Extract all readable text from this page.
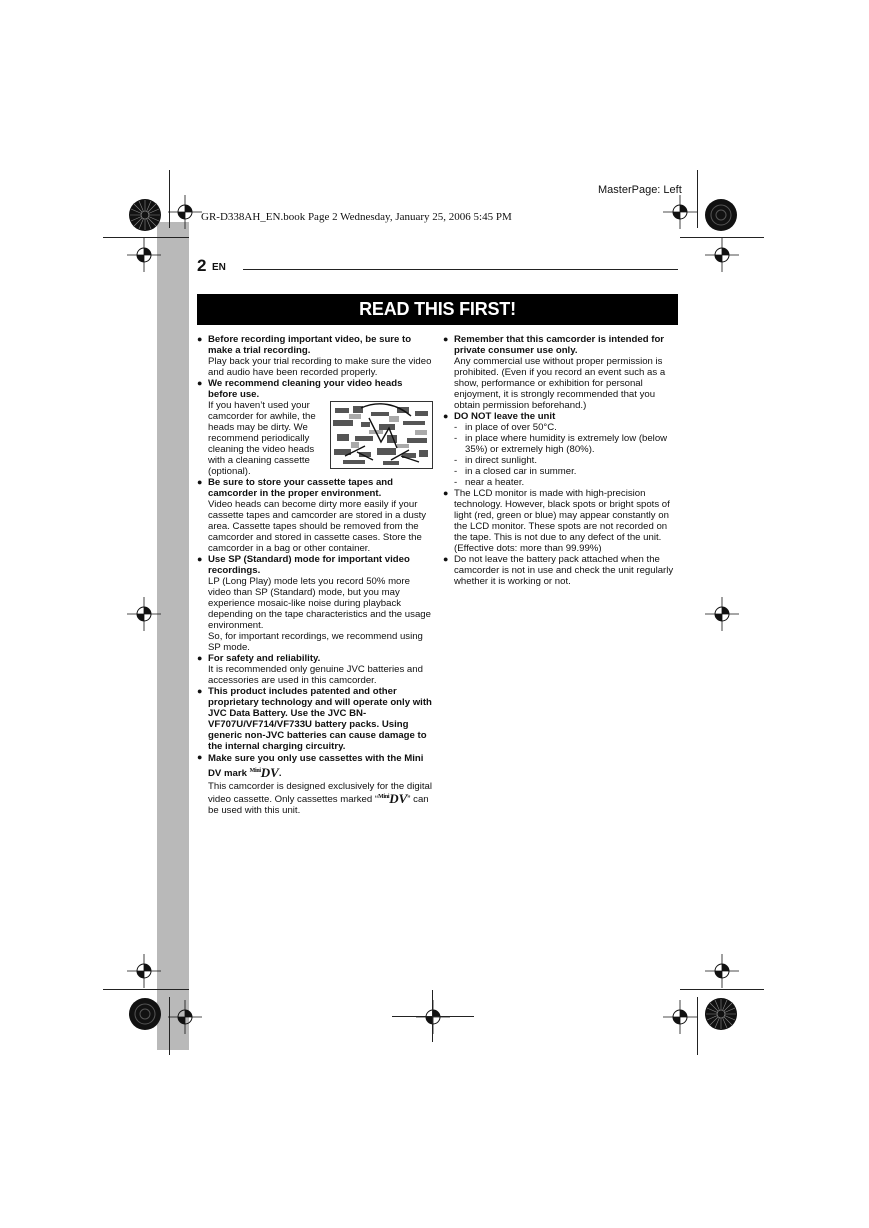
MasterPage: Left
GR-D338AH_EN.book Page 2 Wednesday, January 25, 2006 5:45 PM
2 EN
READ THIS FIRST!
● Before recording important video, be sure to make a trial recording.
Play back your trial recording to make sure the video and audio have been recorded properly.
● We recommend cleaning your video heads before use.
If you haven’t used your camcorder for awhile, the heads may be dirty. We recommend periodically cleaning the video heads with a cleaning cassette (optional).
● Be sure to store your cassette tapes and camcorder in the proper environment.
Video heads can become dirty more easily if your cassette tapes and camcorder are stored in a dusty area. Cassette tapes should be removed from the camcorder and stored in cassette cases. Store the camcorder in a bag or other container.
● Use SP (Standard) mode for important video recordings.
LP (Long Play) mode lets you record 50% more video than SP (Standard) mode, but you may experience mosaic-like noise during playback depending on the tape characteristics and the usage environment.
So, for important recordings, we recommend using SP mode.
● For safety and reliability.
It is recommended only genuine JVC batteries and accessories are used in this camcorder.
● This product includes patented and other proprietary technology and will operate only with JVC Data Battery. Use the JVC BN-VF707U/VF714/VF733U battery packs. Using generic non-JVC batteries can cause damage to the internal charging circuitry.
● Make sure you only use cassettes with the Mini DV mark $^{Mini}$DV.
This camcorder is designed exclusively for the digital video cassette. Only cassettes marked “$^{Mini}$DV” can be used with this unit.
● Remember that this camcorder is intended for private consumer use only.
Any commercial use without proper permission is prohibited. (Even if you record an event such as a show, performance or exhibition for personal enjoyment, it is strongly recommended that you obtain permission beforehand.)
● DO NOT leave the unit
- in place of over 50°C.
- in place where humidity is extremely low (below 35%) or extremely high (80%).
- in direct sunlight.
- in a closed car in summer.
- near a heater.
● The LCD monitor is made with high-precision technology. However, black spots or bright spots of light (red, green or blue) may appear constantly on the LCD monitor. These spots are not recorded on the tape. This is not due to any defect of the unit. (Effective dots: more than 99.99%)
● Do not leave the battery pack attached when the camcorder is not in use and check the unit regularly whether it is working or not.
